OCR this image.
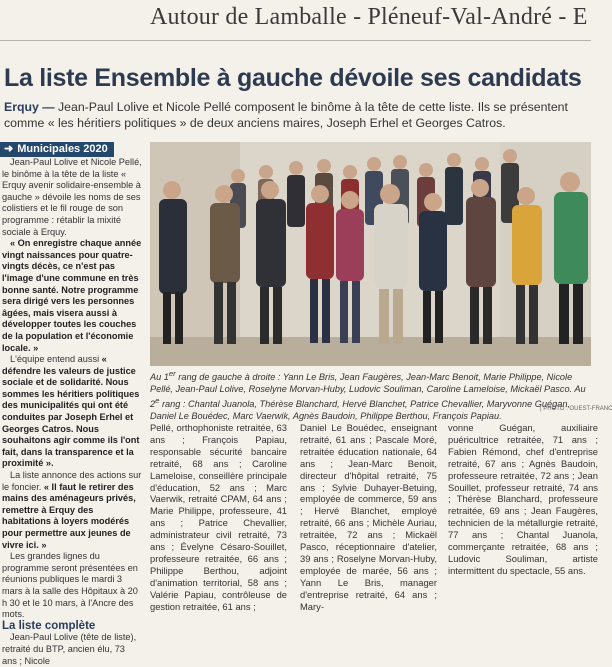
Autour de Lamballe - Pléneuf-Val-André - E
La liste Ensemble à gauche dévoile ses candidats
Erquy — Jean-Paul Lolive et Nicole Pellé composent le binôme à la tête de cette liste. Ils se présentent comme « les héritiers politiques » de deux anciens maires, Joseph Erhel et Georges Catros.
➜ Municipales 2020

Jean-Paul Lolive et Nicole Pellé, le binôme à la tête de la liste « Erquy avenir solidaire-ensemble à gauche » dévoile les noms de ses colistiers et le fil rouge de son programme : rétablir la mixité sociale à Erquy.

« On enregistre chaque année vingt naissances pour quatre-vingts décès, ce n'est pas l'image d'une commune en très bonne santé. Notre programme sera dirigé vers les personnes âgées, mais visera aussi à développer toutes les couches de la population et l'économie locale. »

L'équipe entend aussi « défendre les valeurs de justice sociale et de solidarité. Nous sommes les héritiers politiques des municipalités qui ont été conduites par Joseph Erhel et Georges Catros. Nous souhaitons agir comme ils l'ont fait, dans la transparence et la proximité ».

La liste annonce des actions sur le foncier. « Il faut le retirer des mains des aménageurs privés, remettre à Erquy des habitations à loyers modérés pour permettre aux jeunes de vivre ici. »

Les grandes lignes du programme seront présentées en réunions publiques le mardi 3 mars à la salle des Hôpitaux à 20 h 30 et le 10 mars, à l'Ancre des mots.

La liste complète

Jean-Paul Lolive (tête de liste), retraité du BTP, ancien élu, 73 ans ; Nicole

Au 1er rang de gauche à droite : Yann Le Bris, Jean Faugères, Jean-Marc Benoit, Marie Philippe, Nicole Pellé, Jean-Paul Lolive, Roselyne Morvan-Huby, Ludovic Souliman, Caroline Lameloise, Mickaël Pasco. Au 2e rang : Chantal Juanola, Thérèse Blanchard, Hervé Blanchet, Patrice Chevallier, Maryvonne Guégan, Daniel Le Bouédec, Marc Vaerwik, Agnès Baudoin, Philippe Berthou, François Papiau.
| PHOTO : OUEST-FRANC
Pellé, orthophoniste retraitée, 63 ans ; François Papiau, responsable sécurité bancaire retraité, 68 ans ; Caroline Lameloise, conseillère principale d'éducation, 52 ans ; Marc Vaerwik, retraité CPAM, 64 ans ; Marie Philippe, professeure, 41 ans ; Patrice Chevallier, administrateur civil retraité, 73 ans ; Évelyne Césaro-Souillet, professeure retraitée, 66 ans ; Philippe Berthou, adjoint d'animation territorial, 58 ans ; Valérie Papiau, contrôleuse de gestion retraitée, 61 ans ;
Daniel Le Bouédec, enseignant retraité, 61 ans ; Pascale Moré, retraitée éducation nationale, 64 ans ; Jean-Marc Benoit, directeur d'hôpital retraité, 75 ans ; Sylvie Duhayer-Betuing, employée de commerce, 59 ans ; Hervé Blanchet, employé retraité, 66 ans ; Michèle Auriau, retraitée, 72 ans ; Mickaël Pasco, réceptionnaire d'atelier, 39 ans ; Roselyne Morvan-Huby, employée de marée, 56 ans ; Yann Le Bris, manager d'entreprise retraité, 64 ans ; Mary-
vonne Guégan, auxiliaire puéricultrice retraitée, 71 ans ; Fabien Rémond, chef d'entreprise retraité, 67 ans ; Agnès Baudoin, professeure retraitée, 72 ans ; Jean Souillet, professeur retraité, 74 ans ; Thérèse Blanchard, professeure retraitée, 69 ans ; Jean Faugères, technicien de la métallurgie retraité, 77 ans ; Chantal Juanola, commerçante retraitée, 68 ans ; Ludovic Souliman, artiste intermittent du spectacle, 55 ans.
